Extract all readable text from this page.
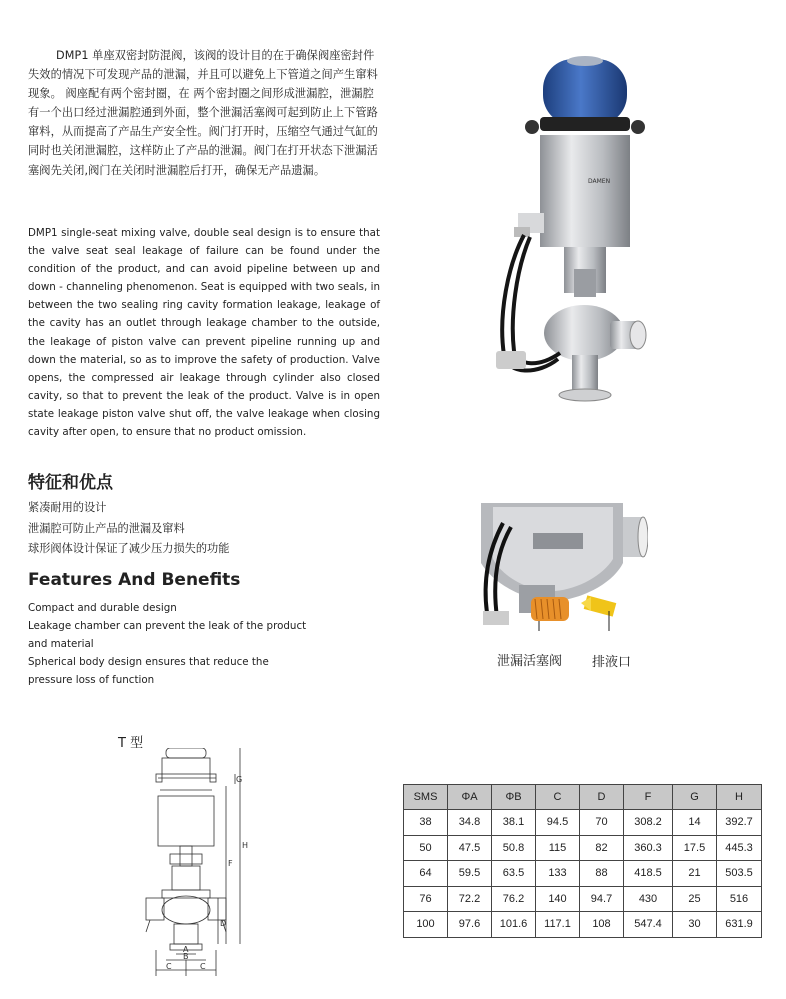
DMP1 单座双密封防混阀，该阀的设计目的在于确保阀座密封件失效的情况下可发现产品的泄漏，并且可以避免上下管道之间产生窜料现象。 阀座配有两个密封圈，在 两个密封圈之间形成泄漏腔，泄漏腔有一个出口经过泄漏腔通到外面，整个泄漏活塞阀可起到防止上下管路窜料，从而提高了产品生产安全性。阀门打开时，压缩空气通过气缸的同时也关闭泄漏腔，这样防止了产品的泄漏。阀门在打开状态下泄漏活塞阀先关闭,阀门在关闭时泄漏腔后打开，确保无产品遗漏。

DMP1 single-seat mixing valve, double seal design is to ensure that the valve seat seal leakage of failure can be found under the condition of the product, and can avoid pipeline between up and down - channeling phenomenon. Seat is equipped with two seals, in between the two sealing ring cavity formation leakage, leakage of the cavity has an outlet through leakage chamber to the outside, the leakage of piston valve can prevent pipeline running up and down the material, so as to improve the safety of production. Valve opens, the compressed air leakage through cylinder also closed cavity, so that to prevent the leak of the product. Valve is in open state leakage piston valve shut off, the valve leakage when closing cavity after open, to ensure that no product omission.

DAMEN
特征和优点
紧凑耐用的设计
泄漏腔可防止产品的泄漏及窜料
球形阀体设计保证了减少压力损失的功能
Features And Benefits
Compact and durable design
Leakage chamber can prevent the leak of the product and material
Spherical body design ensures that reduce the pressure loss of function
泄漏活塞阀 排液口
T 型
G
H
F
D
A
B
C	C
SMS	ΦA	ΦB	C	D	F	G	H
38	34.8	38.1	94.5	70	308.2	14	392.7
50	47.5	50.8	115	82	360.3	17.5	445.3
64	59.5	63.5	133	88	418.5	21	503.5
76	72.2	76.2	140	94.7	430	25	516
100	97.6	101.6	117.1	108	547.4	30	631.9
